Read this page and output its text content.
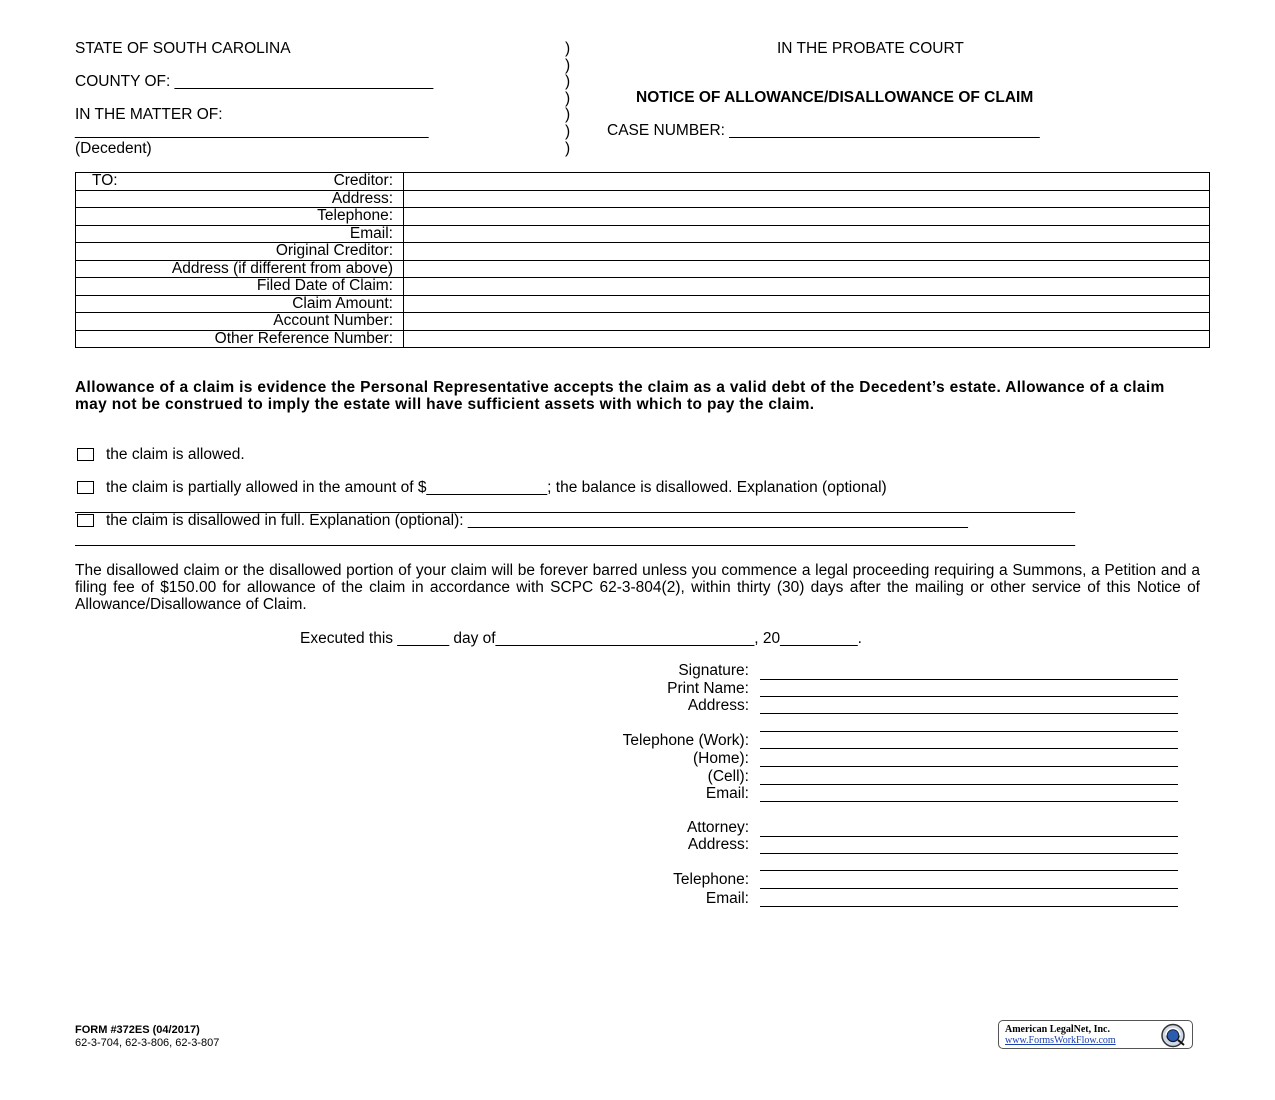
STATE OF SOUTH CAROLINA
COUNTY OF: ______________________________
IN THE MATTER OF:
_________________________________________
(Decedent)
)
)
)
)
)
)
)
IN THE PROBATE COURT
NOTICE OF ALLOWANCE/DISALLOWANCE OF CLAIM
CASE NUMBER: ____________________________________
TO: Creditor:	
Address:	
Telephone:	
Email:	
Original Creditor:	
Address (if different from above)	
Filed Date of Claim:	
Claim Amount:	
Account Number:	
Other Reference Number:	
Allowance of a claim is evidence the Personal Representative accepts the claim as a valid debt of the Decedent’s estate. Allowance of a claim may not be construed to imply the estate will have sufficient assets with which to pay the claim.
the claim is allowed.
the claim is partially allowed in the amount of $______________; the balance is disallowed. Explanation (optional)
____________________________________________________________________________________________________________________
the claim is disallowed in full. Explanation (optional): __________________________________________________________
____________________________________________________________________________________________________________________
The disallowed claim or the disallowed portion of your claim will be forever barred unless you commence a legal proceeding requiring a Summons, a Petition and a filing fee of $150.00 for allowance of the claim in accordance with SCPC 62-3-804(2), within thirty (30) days after the mailing or other service of this Notice of Allowance/Disallowance of Claim.
Executed this ______ day of______________________________, 20_________.
Signature:
Print Name:
Address:
Telephone (Work):
(Home):
(Cell):
Email:
Attorney:
Address:
Telephone:
Email:
FORM #372ES (04/2017)
62-3-704, 62-3-806, 62-3-807
American LegalNet, Inc.
www.FormsWorkFlow.com
